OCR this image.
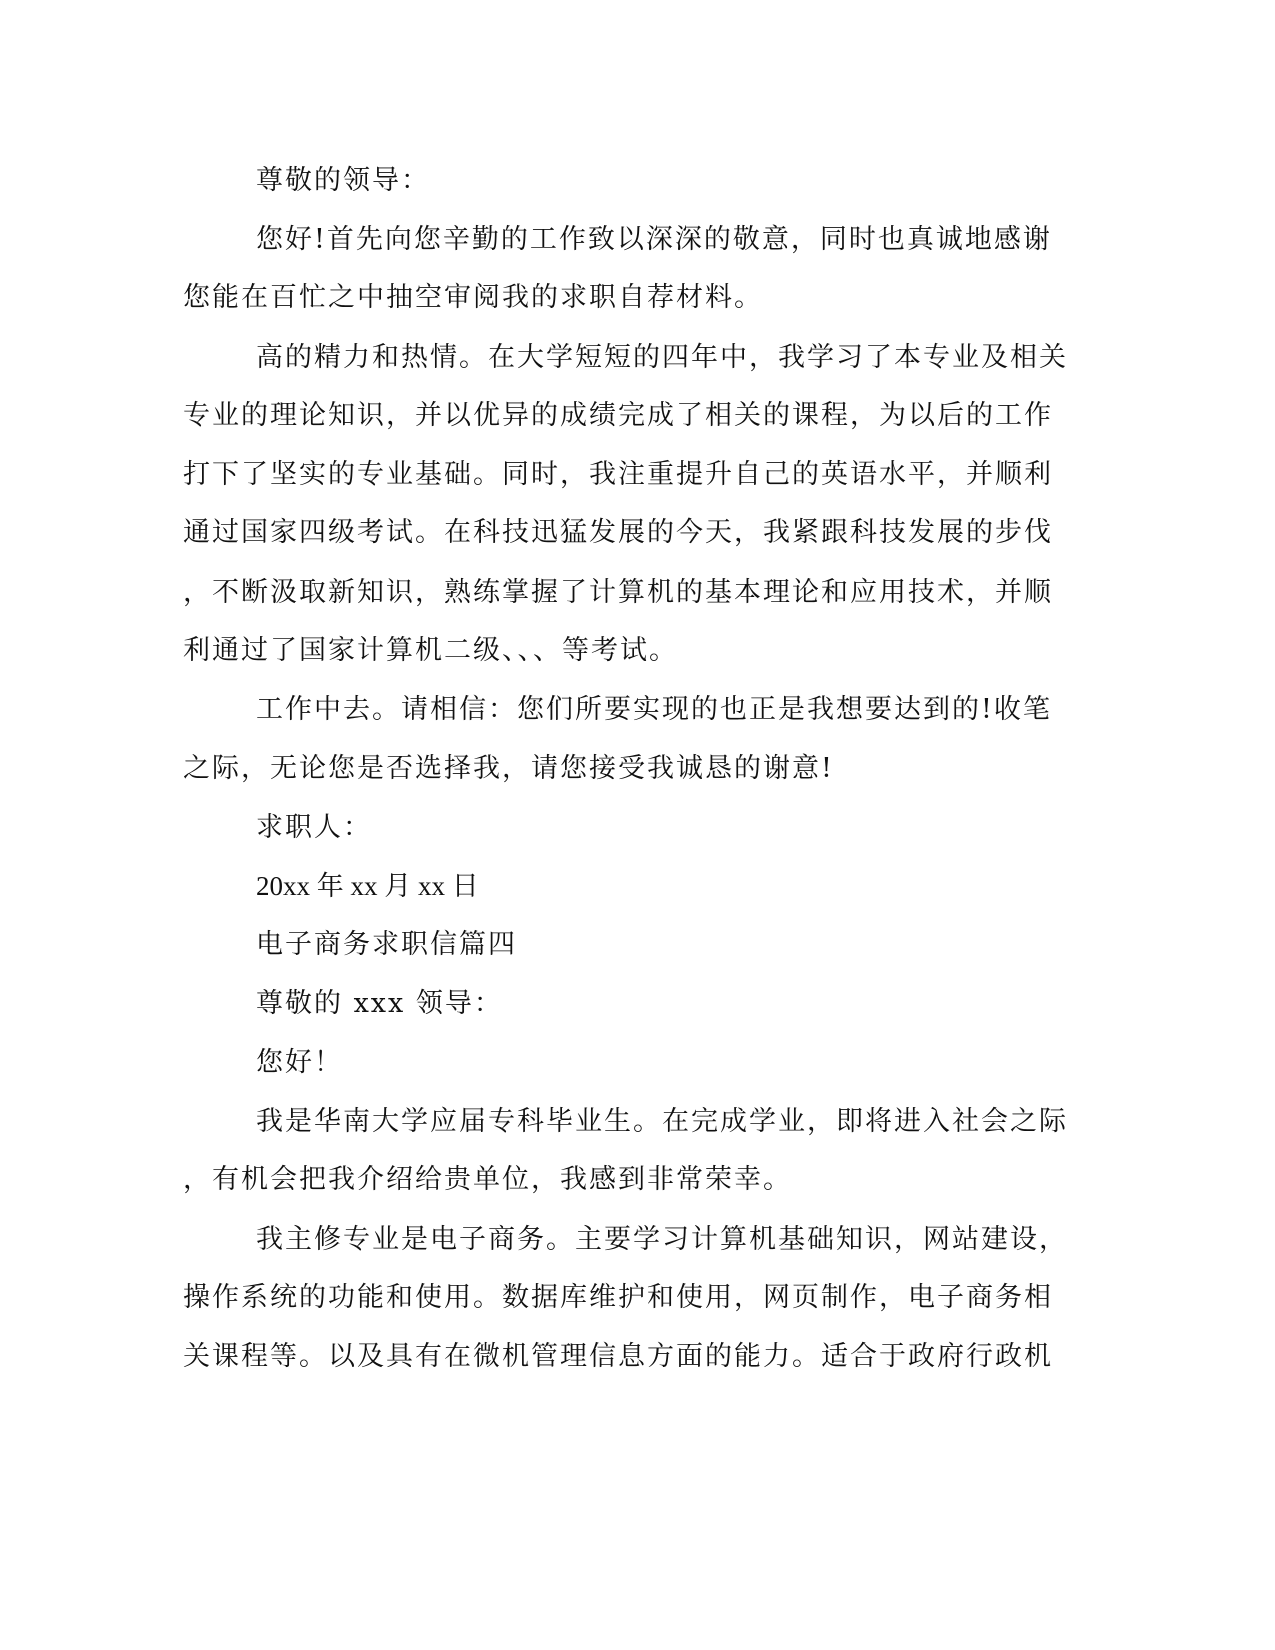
尊敬的领导：
您好!首先向您辛勤的工作致以深深的敬意，同时也真诚地感谢
您能在百忙之中抽空审阅我的求职自荐材料。
高的精力和热情。在大学短短的四年中，我学习了本专业及相关
专业的理论知识，并以优异的成绩完成了相关的课程，为以后的工作
打下了坚实的专业基础。同时，我注重提升自己的英语水平，并顺利
通过国家四级考试。在科技迅猛发展的今天，我紧跟科技发展的步伐
，不断汲取新知识，熟练掌握了计算机的基本理论和应用技术，并顺
利通过了国家计算机二级、、、等考试。
工作中去。请相信：您们所要实现的也正是我想要达到的!收笔
之际，无论您是否选择我，请您接受我诚恳的谢意!
求职人：
20xx 年 xx 月 xx 日
电子商务求职信篇四
尊敬的 xxx 领导：
您好！
我是华南大学应届专科毕业生。在完成学业，即将进入社会之际
，有机会把我介绍给贵单位，我感到非常荣幸。
我主修专业是电子商务。主要学习计算机基础知识，网站建设，
操作系统的功能和使用。数据库维护和使用，网页制作，电子商务相
关课程等。以及具有在微机管理信息方面的能力。适合于政府行政机
